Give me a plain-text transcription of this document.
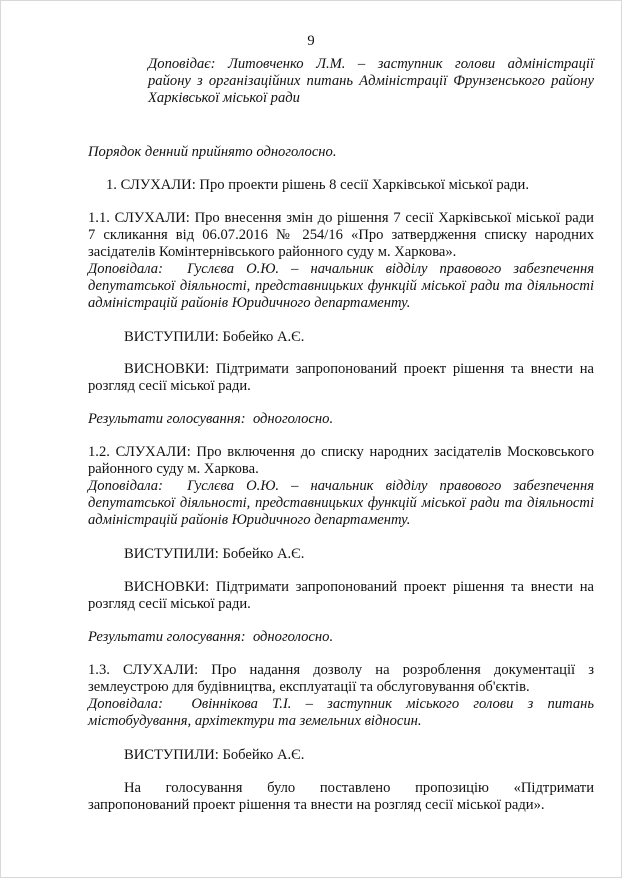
9
Доповідає: Литовченко Л.М. – заступник голови адміністрації
району з організаційних питань Адміністрації Фрунзенського району
Харківської міської ради
Порядок денний прийнято одноголосно.
1. СЛУХАЛИ: Про проекти рішень 8 сесії Харківської міської ради.
1.1. СЛУХАЛИ: Про внесення змін до рішення 7 сесії Харківської міської ради
7 скликання від 06.07.2016 № 254/16 «Про затвердження списку народних
засідателів Комінтернівського районного суду м. Харкова».
Доповідала: Гуслєва О.Ю. – начальник відділу правового забезпечення
депутатської діяльності, представницьких функцій міської ради та діяльності
адміністрацій районів Юридичного департаменту.
ВИСТУПИЛИ: Бобейко А.Є.
ВИСНОВКИ: Підтримати запропонований проект рішення та внести на
розгляд сесії міської ради.
Результати голосування: одноголосно.
1.2. СЛУХАЛИ: Про включення до списку народних засідателів Московського
районного суду м. Харкова.
Доповідала: Гуслєва О.Ю. – начальник відділу правового забезпечення
депутатської діяльності, представницьких функцій міської ради та діяльності
адміністрацій районів Юридичного департаменту.
ВИСТУПИЛИ: Бобейко А.Є.
ВИСНОВКИ: Підтримати запропонований проект рішення та внести на
розгляд сесії міської ради.
Результати голосування: одноголосно.
1.3. СЛУХАЛИ: Про надання дозволу на розроблення документації з
землеустрою для будівництва, експлуатації та обслуговування об'єктів.
Доповідала: Овіннікова Т.І. – заступник міського голови з питань
містобудування, архітектури та земельних відносин.
ВИСТУПИЛИ: Бобейко А.Є.
На голосування було поставлено пропозицію «Підтримати
запропонований проект рішення та внести на розгляд сесії міської ради».
